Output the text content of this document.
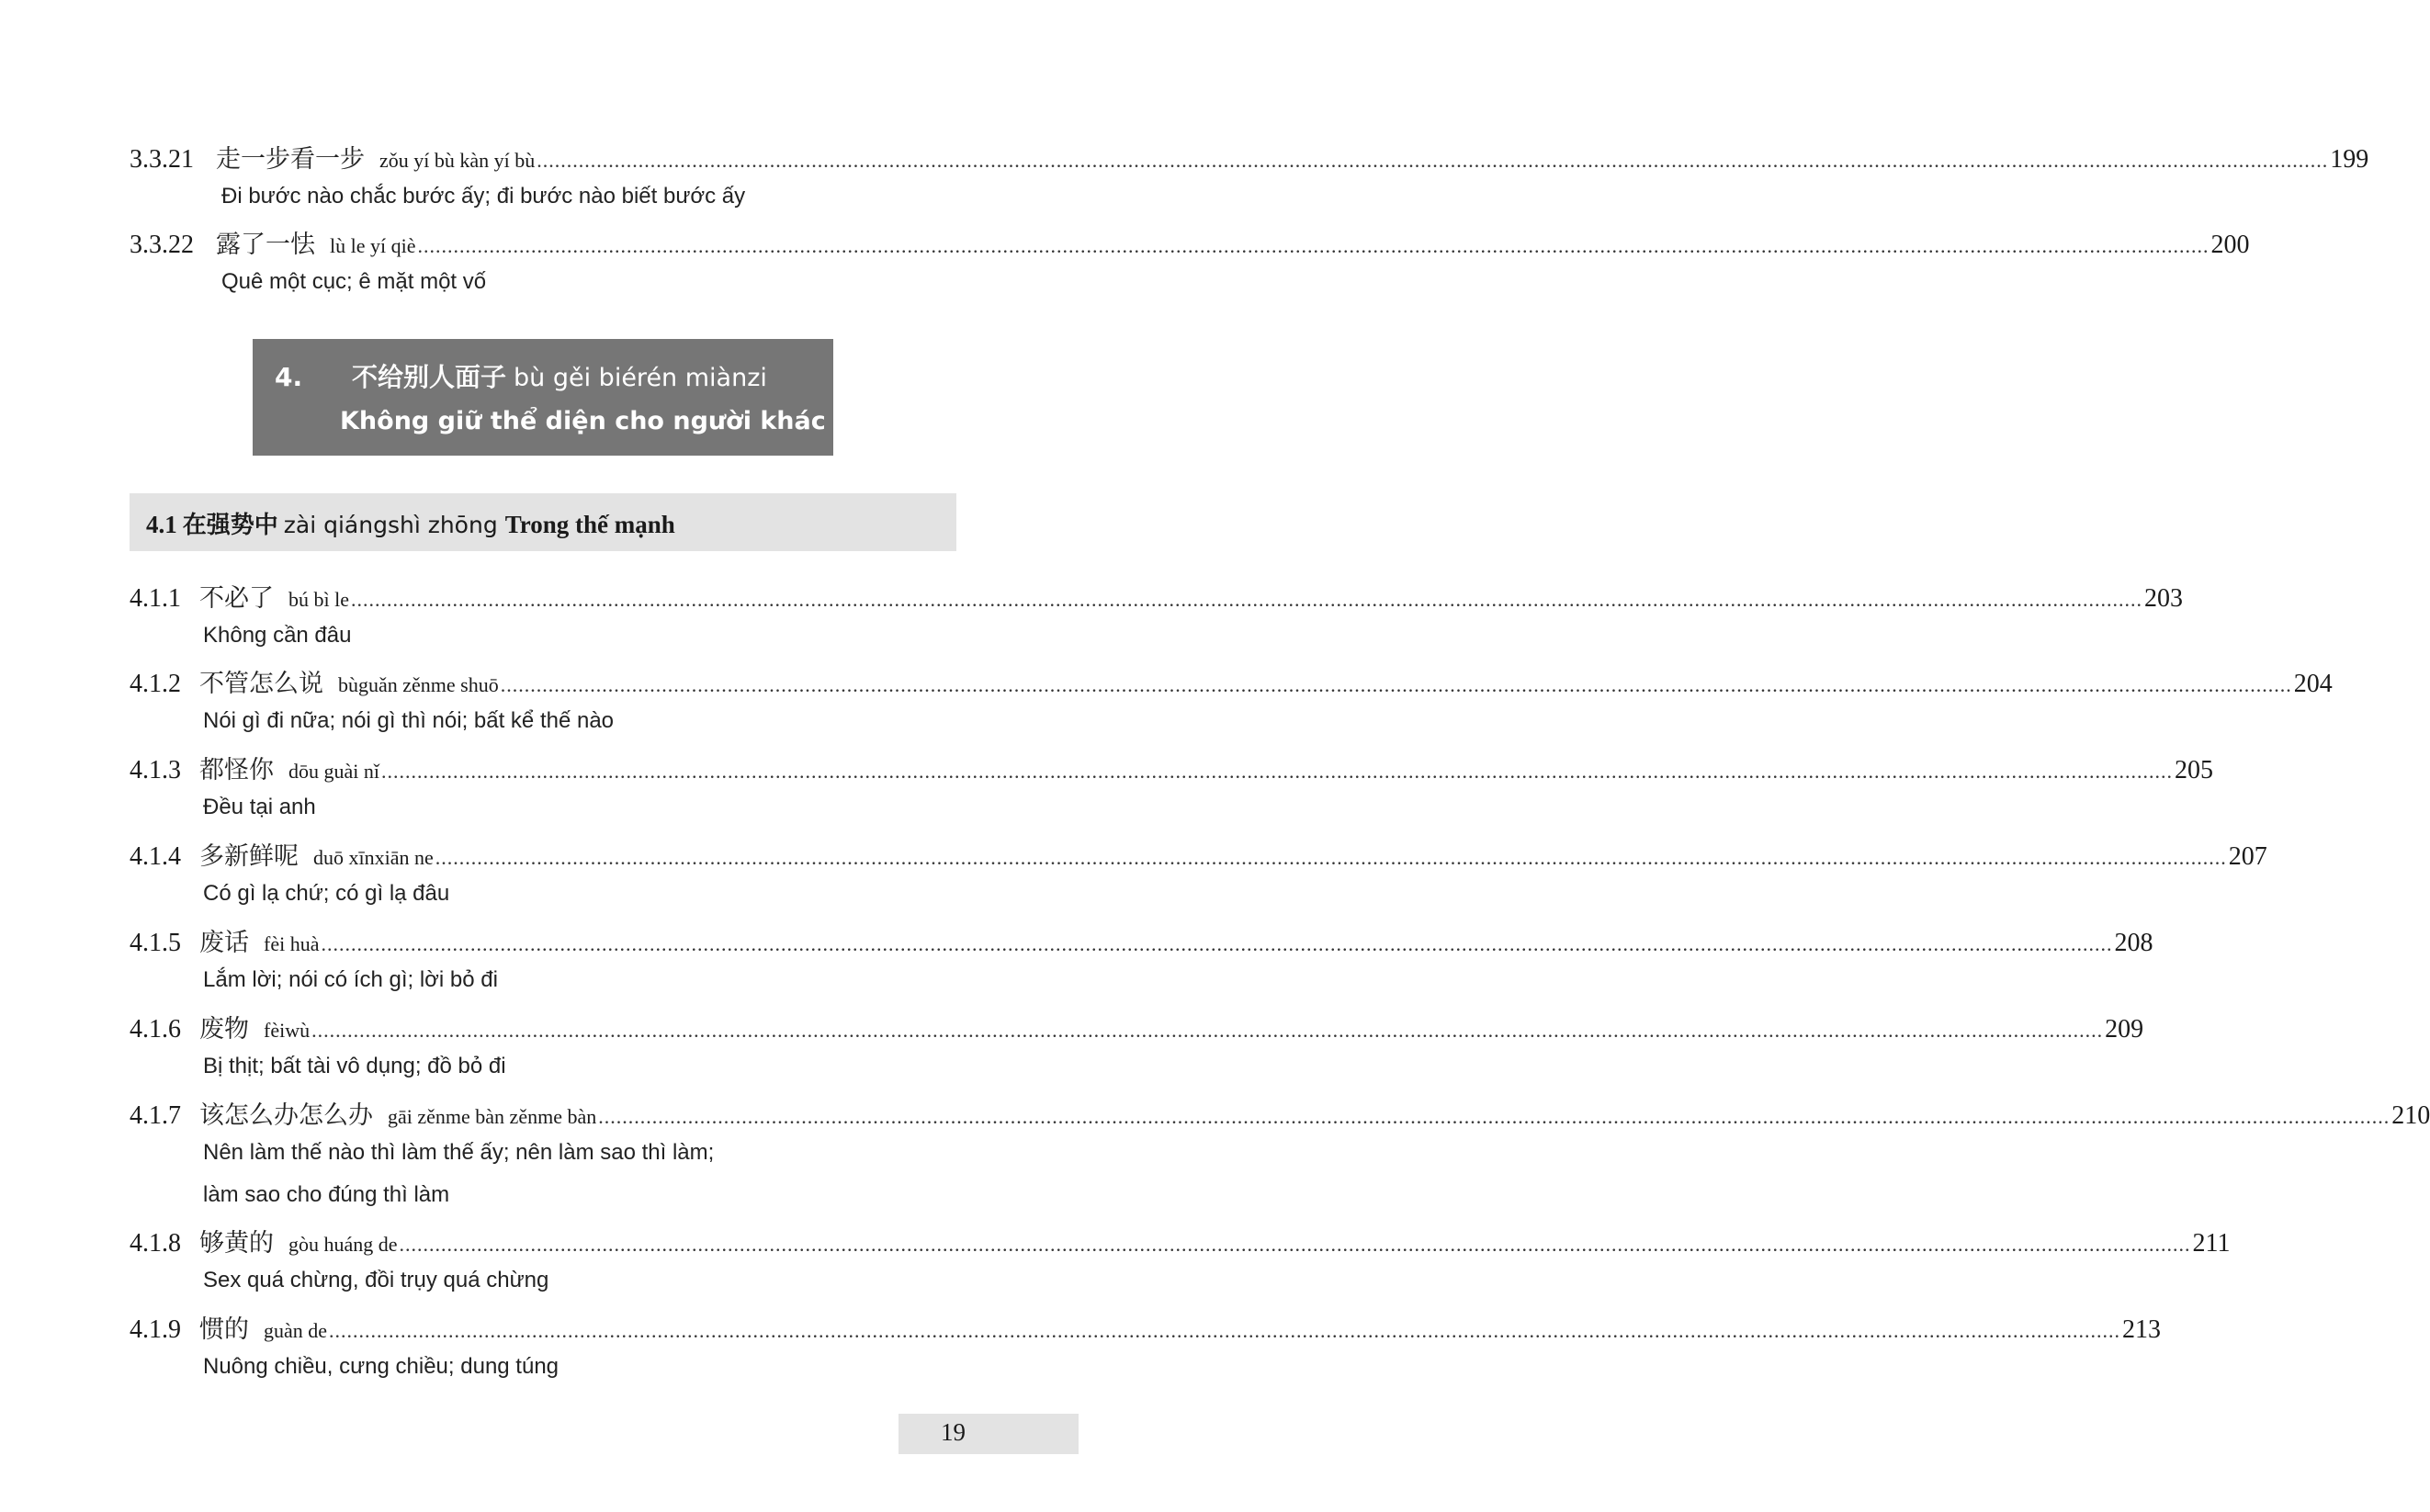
3.3.21 走一步看一步 zǒu yí bù kàn yí bù ............................................................................................................................................................................................................................................................................................................ 199
Đi bước nào chắc bước ấy; đi bước nào biết bước ấy
3.3.22 露了一怯 lù le yí qiè ............................................................................................................................................................................................................................................................................................................ 200
Quê một cục; ê mặt một vố
4. 不给别人面子 bù gěi biérén miànzi
Không giữ thể diện cho người khác
4.1 在强势中 zài qiángshì zhōng Trong thế mạnh
4.1.1 不必了 bú bì le ............................................................................................................................................................................................................................................................................................................ 203
Không cần đâu
4.1.2 不管怎么说 bùguǎn zěnme shuō ............................................................................................................................................................................................................................................................................................................ 204
Nói gì đi nữa; nói gì thì nói; bất kể thế nào
4.1.3 都怪你 dōu guài nǐ ............................................................................................................................................................................................................................................................................................................ 205
Đều tại anh
4.1.4 多新鲜呢 duō xīnxiān ne ............................................................................................................................................................................................................................................................................................................ 207
Có gì lạ chứ; có gì lạ đâu
4.1.5 废话 fèi huà ............................................................................................................................................................................................................................................................................................................ 208
Lắm lời; nói có ích gì; lời bỏ đi
4.1.6 废物 fèiwù ............................................................................................................................................................................................................................................................................................................ 209
Bị thịt; bất tài vô dụng; đồ bỏ đi
4.1.7 该怎么办怎么办 gāi zěnme bàn zěnme bàn ............................................................................................................................................................................................................................................................................................................ 210
Nên làm thế nào thì làm thế ấy; nên làm sao thì làm;
làm sao cho đúng thì làm
4.1.8 够黄的 gòu huáng de ............................................................................................................................................................................................................................................................................................................ 211
Sex quá chừng, đồi trụy quá chừng
4.1.9 惯的 guàn de ............................................................................................................................................................................................................................................................................................................ 213
Nuông chiều, cưng chiều; dung túng
19
